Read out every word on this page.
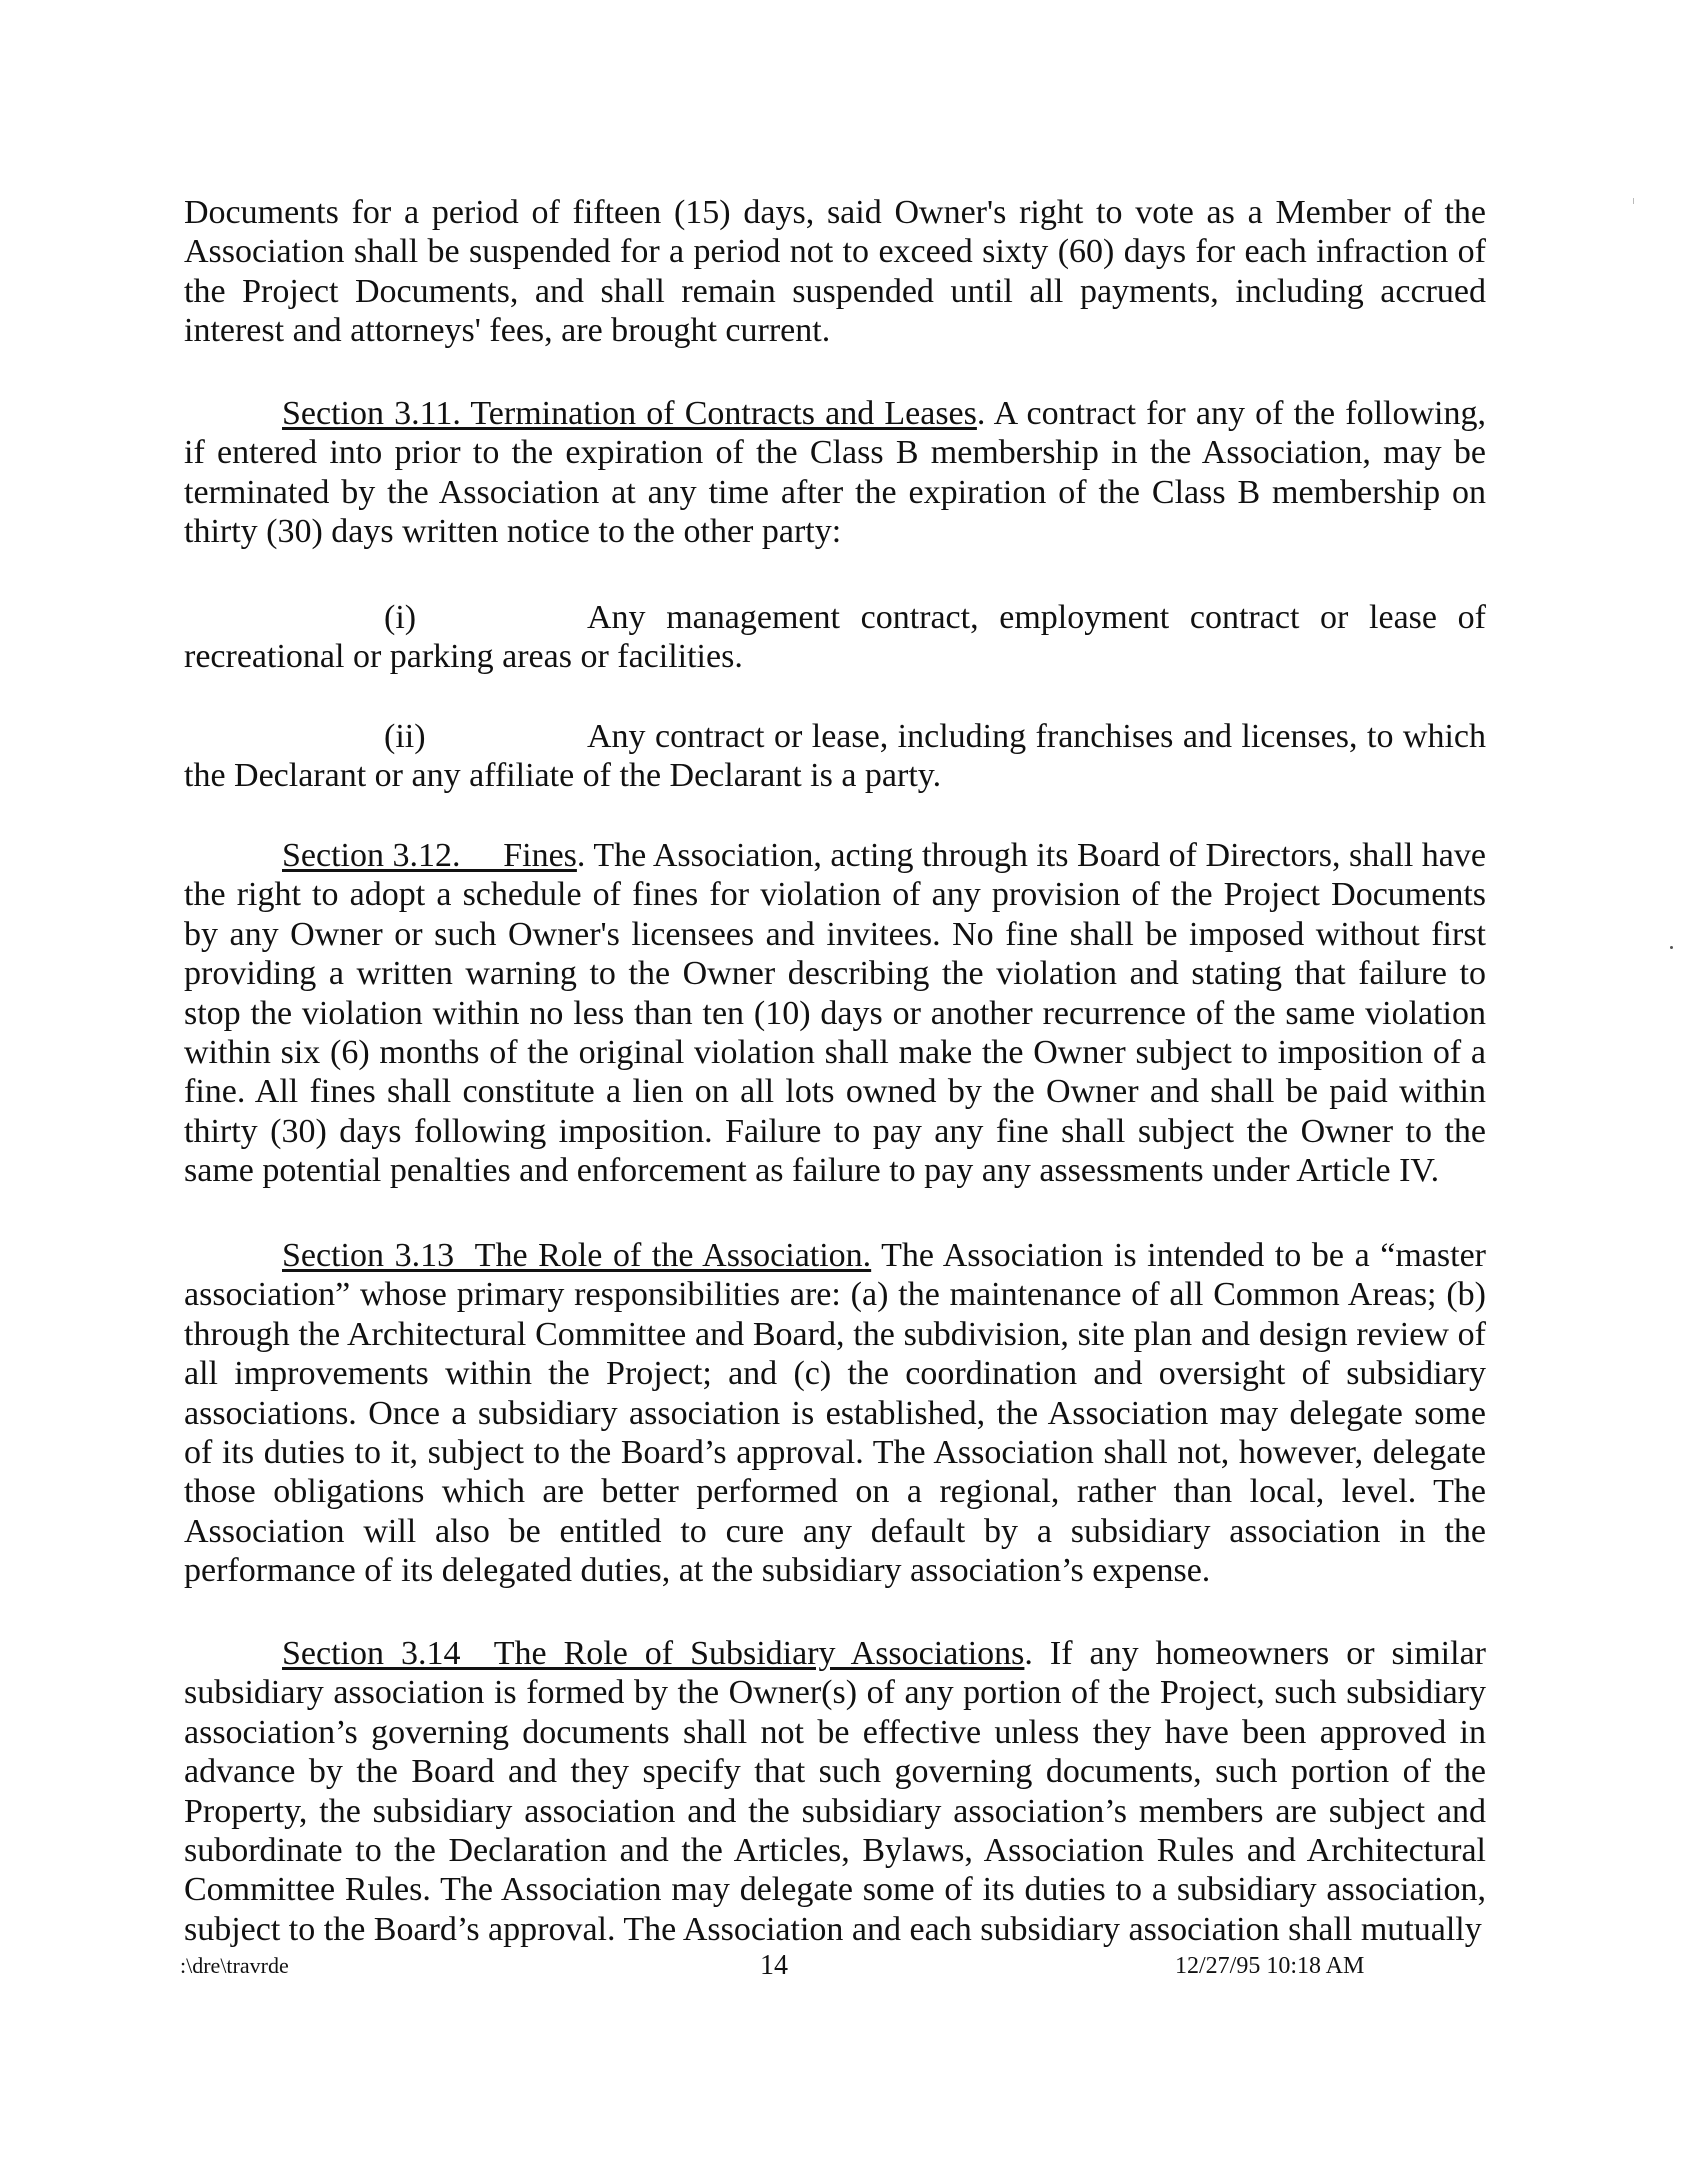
Documents for a period of fifteen (15) days, said Owner's right to vote as a Member of the Association shall be suspended for a period not to exceed sixty (60) days for each infraction of the Project Documents, and shall remain suspended until all payments, including accrued interest and attorneys' fees, are brought current.

Section 3.11. Termination of Contracts and Leases. A contract for any of the following, if entered into prior to the expiration of the Class B membership in the Association, may be terminated by the Association at any time after the expiration of the Class B membership on thirty (30) days written notice to the other party:

(i)	Any management contract, employment contract or lease of recreational or parking areas or facilities.

(ii)	Any contract or lease, including franchises and licenses, to which the Declarant or any affiliate of the Declarant is a party.

Section 3.12.     Fines. The Association, acting through its Board of Directors, shall have the right to adopt a schedule of fines for violation of any provision of the Project Documents by any Owner or such Owner's licensees and invitees. No fine shall be imposed without first providing a written warning to the Owner describing the violation and stating that failure to stop the violation within no less than ten (10) days or another recurrence of the same violation within six (6) months of the original violation shall make the Owner subject to imposition of a fine. All fines shall constitute a lien on all lots owned by the Owner and shall be paid within thirty (30) days following imposition. Failure to pay any fine shall subject the Owner to the same potential penalties and enforcement as failure to pay any assessments under Article IV.

Section 3.13  The Role of the Association. The Association is intended to be a “master association” whose primary responsibilities are: (a) the maintenance of all Common Areas; (b) through the Architectural Committee and Board, the subdivision, site plan and design review of all improvements within the Project; and (c) the coordination and oversight of subsidiary associations. Once a subsidiary association is established, the Association may delegate some of its duties to it, subject to the Board’s approval. The Association shall not, however, delegate those obligations which are better performed on a regional, rather than local, level. The Association will also be entitled to cure any default by a subsidiary association in the performance of its delegated duties, at the subsidiary association’s expense.

Section 3.14  The Role of Subsidiary Associations. If any homeowners or similar subsidiary association is formed by the Owner(s) of any portion of the Project, such subsidiary association’s governing documents shall not be effective unless they have been approved in advance by the Board and they specify that such governing documents, such portion of the Property, the subsidiary association and the subsidiary association’s members are subject and subordinate to the Declaration and the Articles, Bylaws, Association Rules and Architectural Committee Rules. The Association may delegate some of its duties to a subsidiary association, subject to the Board’s approval. The Association and each subsidiary association shall mutually

:\dre\travrde	14	12/27/95 10:18 AM
